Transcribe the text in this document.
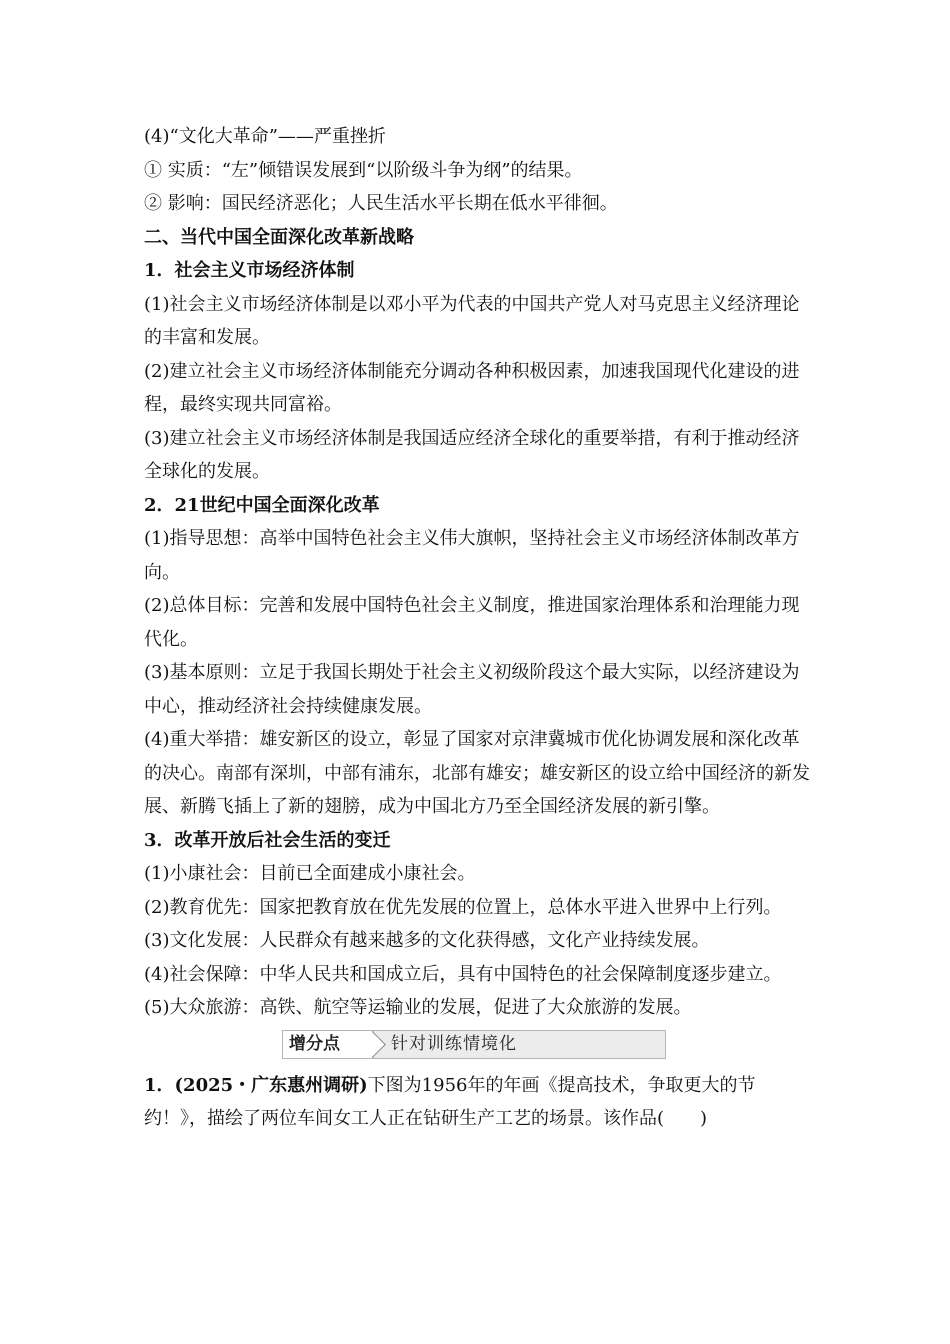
(4)“文化大革命”——严重挫折

① 实质：“左”倾错误发展到“以阶级斗争为纲”的结果。

② 影响：国民经济恶化；人民生活水平长期在低水平徘徊。

二、当代中国全面深化改革新战略

1．社会主义市场经济体制

(1)社会主义市场经济体制是以邓小平为代表的中国共产党人对马克思主义经济理论的丰富和发展。

(2)建立社会主义市场经济体制能充分调动各种积极因素，加速我国现代化建设的进程，最终实现共同富裕。

(3)建立社会主义市场经济体制是我国适应经济全球化的重要举措，有利于推动经济全球化的发展。

2．21世纪中国全面深化改革

(1)指导思想：高举中国特色社会主义伟大旗帜，坚持社会主义市场经济体制改革方向。

(2)总体目标：完善和发展中国特色社会主义制度，推进国家治理体系和治理能力现代化。

(3)基本原则：立足于我国长期处于社会主义初级阶段这个最大实际，以经济建设为中心，推动经济社会持续健康发展。

(4)重大举措：雄安新区的设立，彰显了国家对京津冀城市优化协调发展和深化改革的决心。南部有深圳，中部有浦东，北部有雄安；雄安新区的设立给中国经济的新发展、新腾飞插上了新的翅膀，成为中国北方乃至全国经济发展的新引擎。

3．改革开放后社会生活的变迁

(1)小康社会：目前已全面建成小康社会。

(2)教育优先：国家把教育放在优先发展的位置上，总体水平进入世界中上行列。

(3)文化发展：人民群众有越来越多的文化获得感，文化产业持续发展。

(4)社会保障：中华人民共和国成立后，具有中国特色的社会保障制度逐步建立。

(5)大众旅游：高铁、航空等运输业的发展，促进了大众旅游的发展。

增分点	针对训练情境化

1．(2025・广东惠州调研)下图为1956年的年画《提高技术，争取更大的节约！》，描绘了两位车间女工人正在钻研生产工艺的场景。该作品(　　)
